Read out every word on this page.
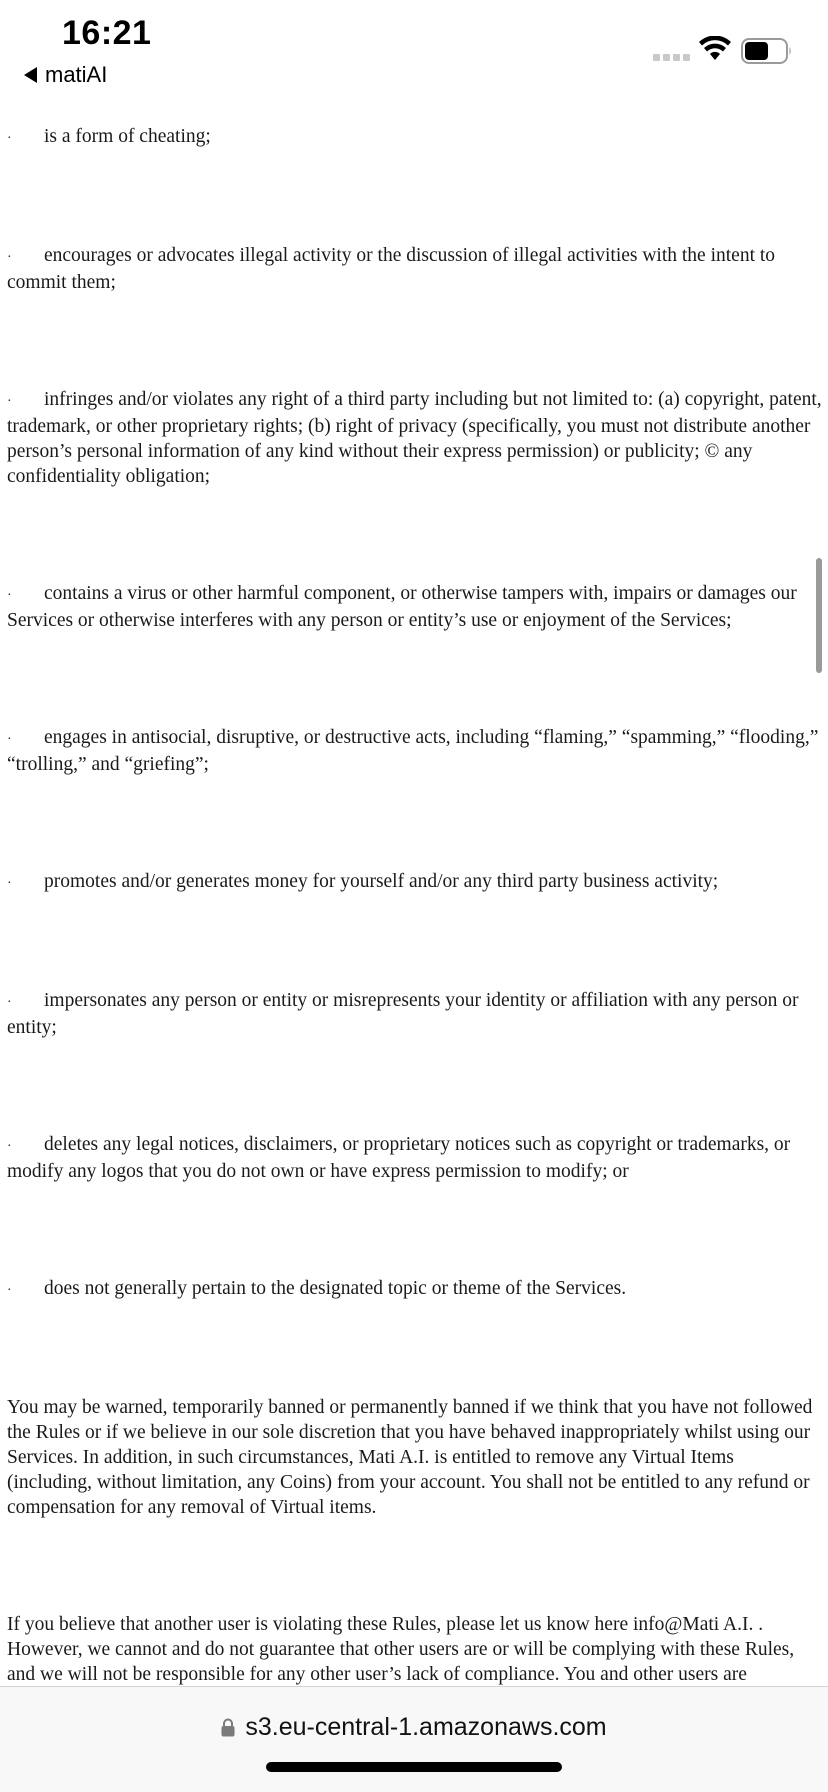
16:21
matiAI

· is a form of cheating;

· encourages or advocates illegal activity or the discussion of illegal activities with the intent to commit them;

· infringes and/or violates any right of a third party including but not limited to: (a) copyright, patent, trademark, or other proprietary rights; (b) right of privacy (specifically, you must not distribute another person’s personal information of any kind without their express permission) or publicity; © any confidentiality obligation;

· contains a virus or other harmful component, or otherwise tampers with, impairs or damages our Services or otherwise interferes with any person or entity’s use or enjoyment of the Services;

· engages in antisocial, disruptive, or destructive acts, including “flaming,” “spamming,” “flooding,” “trolling,” and “griefing”;

· promotes and/or generates money for yourself and/or any third party business activity;

· impersonates any person or entity or misrepresents your identity or affiliation with any person or entity;

· deletes any legal notices, disclaimers, or proprietary notices such as copyright or trademarks, or modify any logos that you do not own or have express permission to modify; or

· does not generally pertain to the designated topic or theme of the Services.

You may be warned, temporarily banned or permanently banned if we think that you have not followed the Rules or if we believe in our sole discretion that you have behaved inappropriately whilst using our Services. In addition, in such circumstances, Mati A.I. is entitled to remove any Virtual Items (including, without limitation, any Coins) from your account. You shall not be entitled to any refund or compensation for any removal of Virtual items.

If you believe that another user is violating these Rules, please let us know here info@Mati A.I. . However, we cannot and do not guarantee that other users are or will be complying with these Rules, and we will not be responsible for any other user’s lack of compliance. You and other users are

s3.eu-central-1.amazonaws.com
